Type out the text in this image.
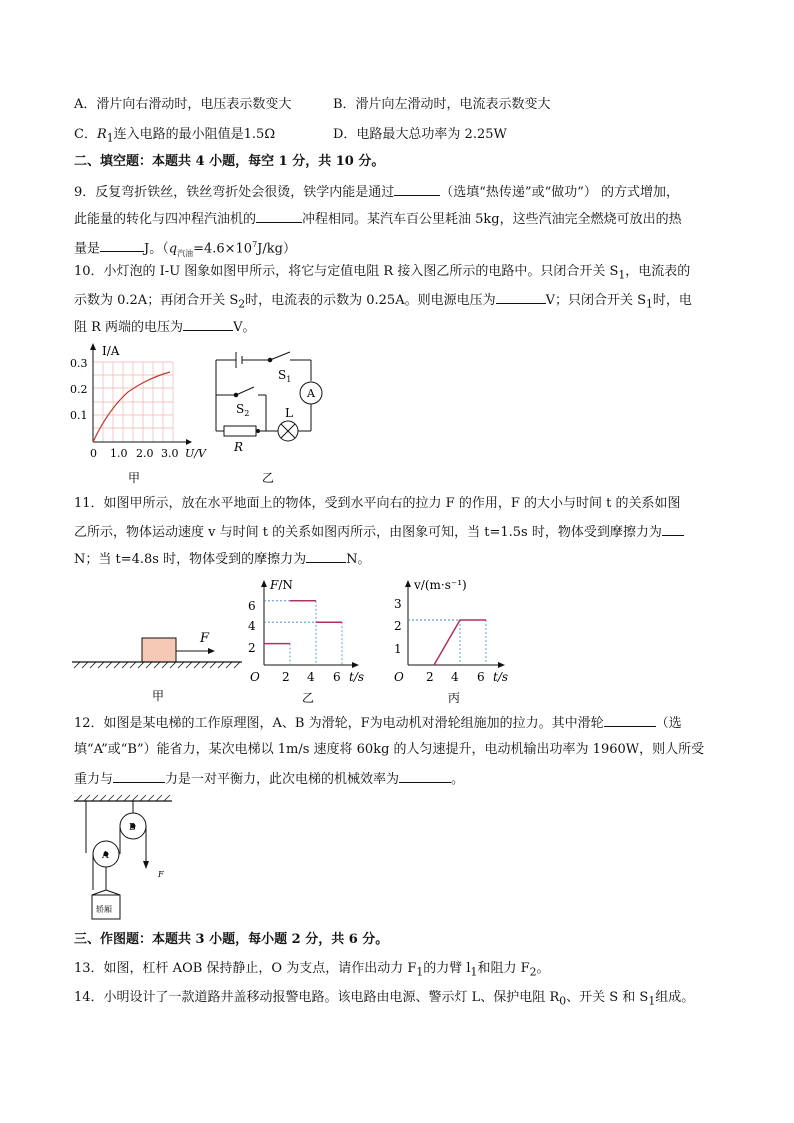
A．滑片向右滑动时，电压表示数变大	B．滑片向左滑动时，电流表示数变大
C．$R_1$连入电路的最小阻值是1.5Ω	D．电路最大总功率为 2.25W
二、填空题：本题共 4 小题，每空 1 分，共 10 分。
9．反复弯折铁丝，铁丝弯折处会很烫，铁学内能是通过	（选填“热传递”或“做功”） 的方式增加，
此能量的转化与四冲程汽油机的	冲程相同。某汽车百公里耗油 5kg，这些汽油完全燃烧可放出的热
量是	J。$(q_{汽油}=4.6\times 10^7J/kg)$
10．小灯泡的 I-U 图象如图甲所示，将它与定值电阻 R 接入图乙所示的电路中。只闭合开关 $S_1$，电流表的
示数为 0.2A；再闭合开关 $S_2$时，电流表的示数为 0.25A。则电源电压为	V；只闭合开关 $S_1$时，电
阻 R 两端的电压为	V。
I/A
0.3
0.2
0.1
0 1.0 2.0 3.0 U/V
甲
$S_1$
$S_2$
A
L
R
乙
11．如图甲所示，放在水平地面上的物体，受到水平向右的拉力 F 的作用，F 的大小与时间 t 的关系如图
乙所示，物体运动速度 v 与时间 t 的关系如图丙所示，由图象可知，当 t=1.5s 时，物体受到摩擦力为
N；当 t=4.8s 时，物体受到的摩擦力为	N。
F
甲
F/N
6
4
2
O 2 4 6 t/s
乙
v/(m·s⁻¹)
3
2
1
O 2 4 6 t/s
丙
12．如图是某电梯的工作原理图，A、B 为滑轮，F为电动机对滑轮组施加的拉力。其中滑轮	（选
填“A”或“B”）能省力，某次电梯以 1m/s 速度将 60kg 的人匀速提升，电动机输出功率为 1960W，则人所受
重力与	力是一对平衡力，此次电梯的机械效率为	。
B
A
F
轿厢
三、作图题：本题共 3 小题，每小题 2 分，共 6 分。
13．如图，杠杆 AOB 保持静止，O 为支点，请作出动力 $F_1$的力臂 $l_1$和阻力 $F_2$。
14．小明设计了一款道路井盖移动报警电路。该电路由电源、警示灯 L、保护电阻 $R_0$、开关 S 和 $S_1$组成。
